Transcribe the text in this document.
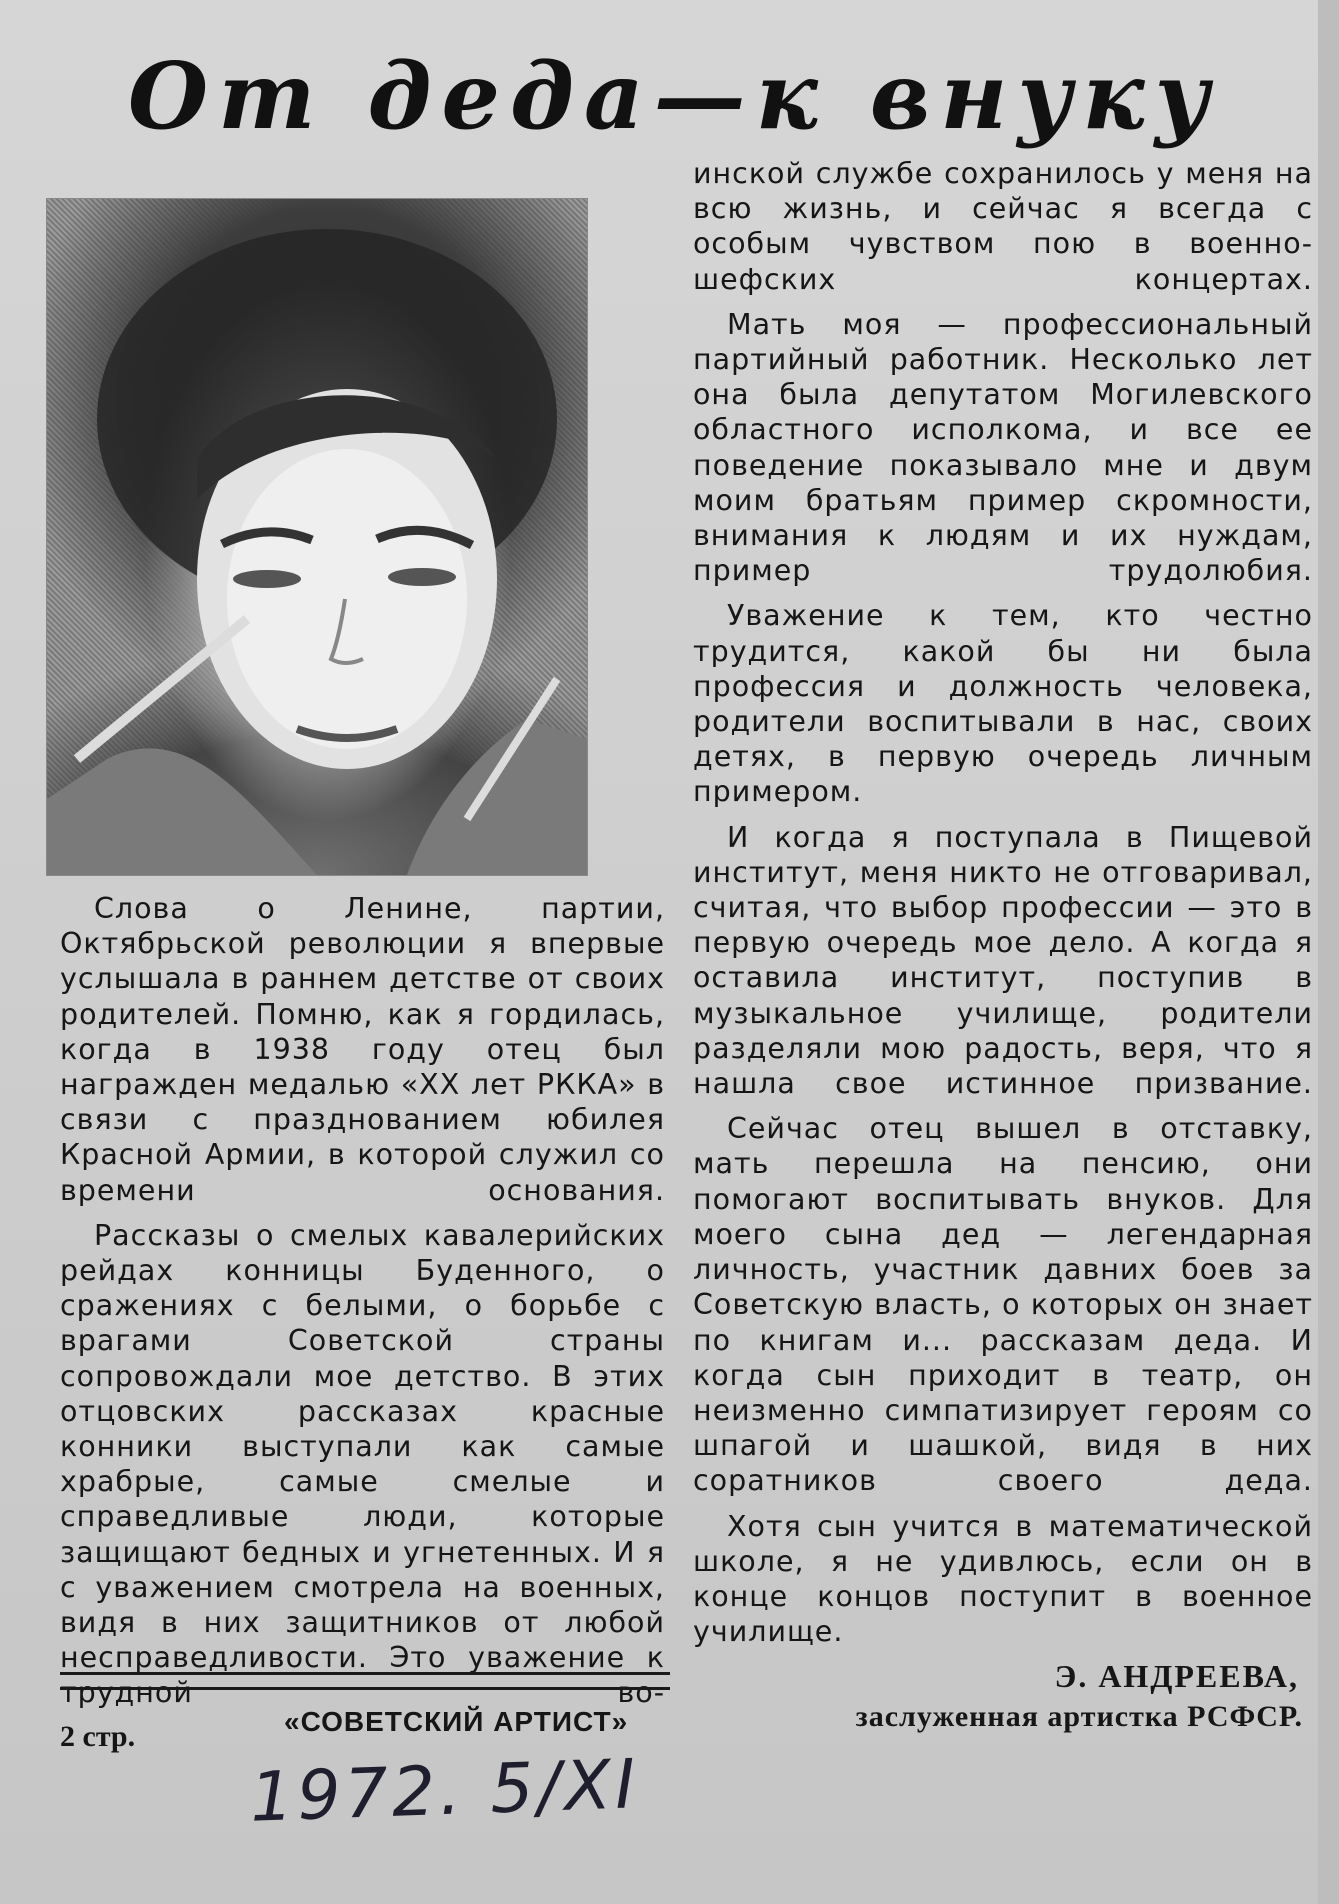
От деда—к внуку

Слова о Ленине, партии, Октябрьской революции я впервые услышала в раннем детстве от своих родителей. Помню, как я гордилась, когда в 1938 году отец был награжден медалью «XX лет РККА» в связи с празднованием юбилея Красной Армии, в которой служил со времени основания.

Рассказы о смелых кавалерийских рейдах конницы Буденного, о сражениях с белыми, о борьбе с врагами Советской страны сопровождали мое детство. В этих отцовских рассказах красные конники выступали как самые храбрые, самые смелые и справедливые люди, которые защищают бедных и угнетенных. И я с уважением смотрела на военных, видя в них защитников от любой несправедливости. Это уважение к трудной во-

инской службе сохранилось у меня на всю жизнь, и сейчас я всегда с особым чувством пою в военно-шефских концертах.

Мать моя — профессиональный партийный работник. Несколько лет она была депутатом Могилевского областного исполкома, и все ее поведение показывало мне и двум моим братьям пример скромности, внимания к людям и их нуждам, пример трудолюбия.

Уважение к тем, кто честно трудится, какой бы ни была профессия и должность человека, родители воспитывали в нас, своих детях, в первую очередь личным примером.

И когда я поступала в Пищевой институт, меня никто не отговаривал, считая, что выбор профессии — это в первую очередь мое дело. А когда я оставила институт, поступив в музыкальное училище, родители разделяли мою радость, веря, что я нашла свое истинное призвание.

Сейчас отец вышел в отставку, мать перешла на пенсию, они помогают воспитывать внуков. Для моего сына дед — легендарная личность, участник давних боев за Советскую власть, о которых он знает по книгам и... рассказам деда. И когда сын приходит в театр, он неизменно симпатизирует героям со шпагой и шашкой, видя в них соратников своего деда.

Хотя сын учится в математической школе, я не удивлюсь, если он в конце концов поступит в военное училище.

Э. АНДРЕЕВА,
заслуженная артистка РСФСР.
2 стр.	«СОВЕТСКИЙ АРТИСТ»
1972. 5/XI
